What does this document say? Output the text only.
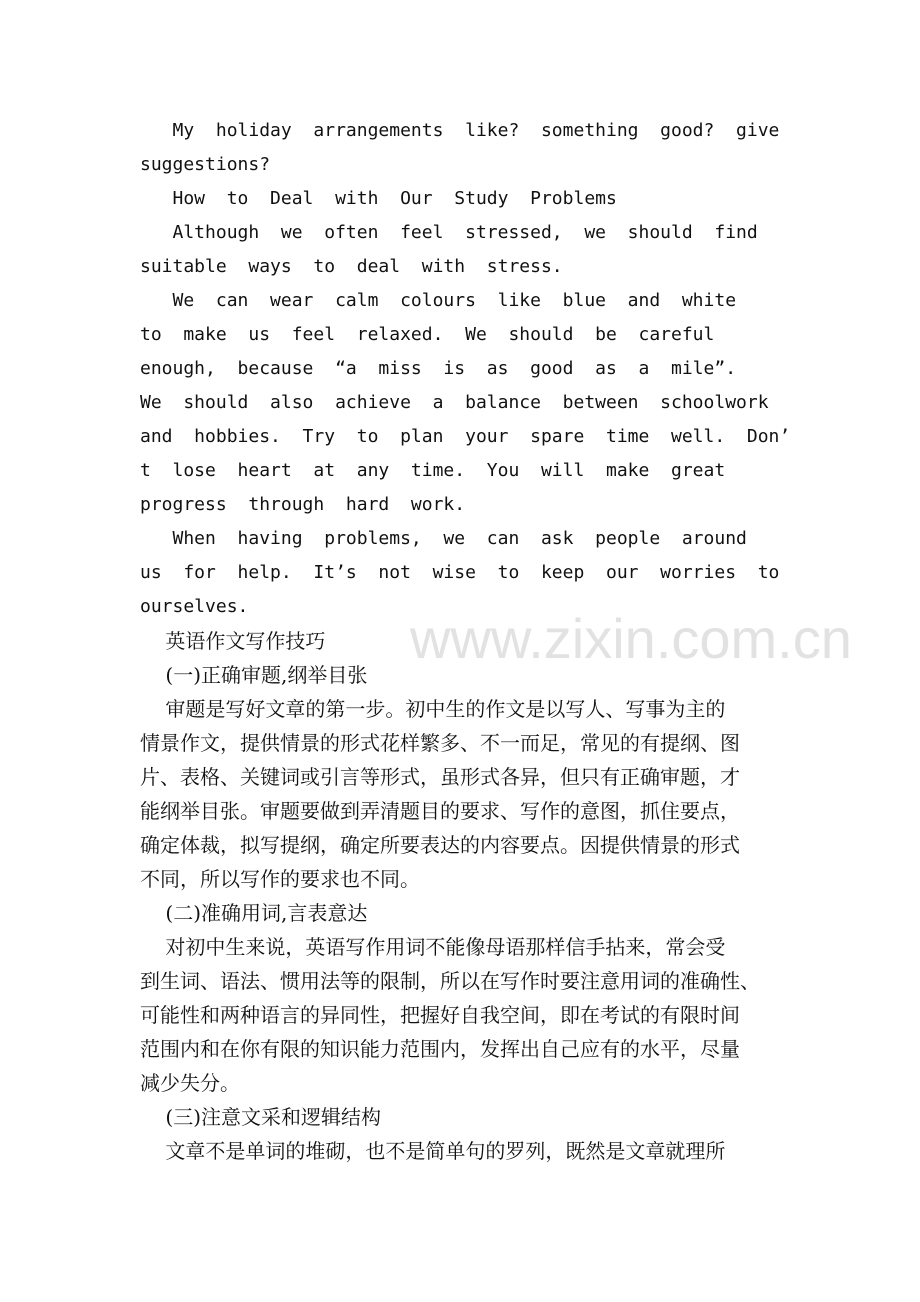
www.zixin.com.cn
My  holiday  arrangements  like?  something  good?  give
suggestions?
How  to  Deal  with  Our  Study  Problems
Although  we  often  feel  stressed,  we  should  find
suitable  ways  to  deal  with  stress.
We  can  wear  calm  colours  like  blue  and  white
to  make  us  feel  relaxed.  We  should  be  careful
enough,  because  “a  miss  is  as  good  as  a  mile”.
We  should  also  achieve  a  balance  between  schoolwork
and  hobbies.  Try  to  plan  your  spare  time  well.  Don’
t  lose  heart  at  any  time.  You  will  make  great
progress  through  hard  work.
When  having  problems,  we  can  ask  people  around
us  for  help.  It’s  not  wise  to  keep  our  worries  to
ourselves.
英语作文写作技巧
(一)正确审题,纲举目张
审题是写好文章的第一步。初中生的作文是以写人、写事为主的
情景作文，提供情景的形式花样繁多、不一而足，常见的有提纲、图
片、表格、关键词或引言等形式，虽形式各异，但只有正确审题，才
能纲举目张。审题要做到弄清题目的要求、写作的意图，抓住要点，
确定体裁，拟写提纲，确定所要表达的内容要点。因提供情景的形式
不同，所以写作的要求也不同。
(二)准确用词,言表意达
对初中生来说，英语写作用词不能像母语那样信手拈来，常会受
到生词、语法、惯用法等的限制，所以在写作时要注意用词的准确性、
可能性和两种语言的异同性，把握好自我空间，即在考试的有限时间
范围内和在你有限的知识能力范围内，发挥出自己应有的水平，尽量
减少失分。
(三)注意文采和逻辑结构
文章不是单词的堆砌，也不是简单句的罗列，既然是文章就理所
